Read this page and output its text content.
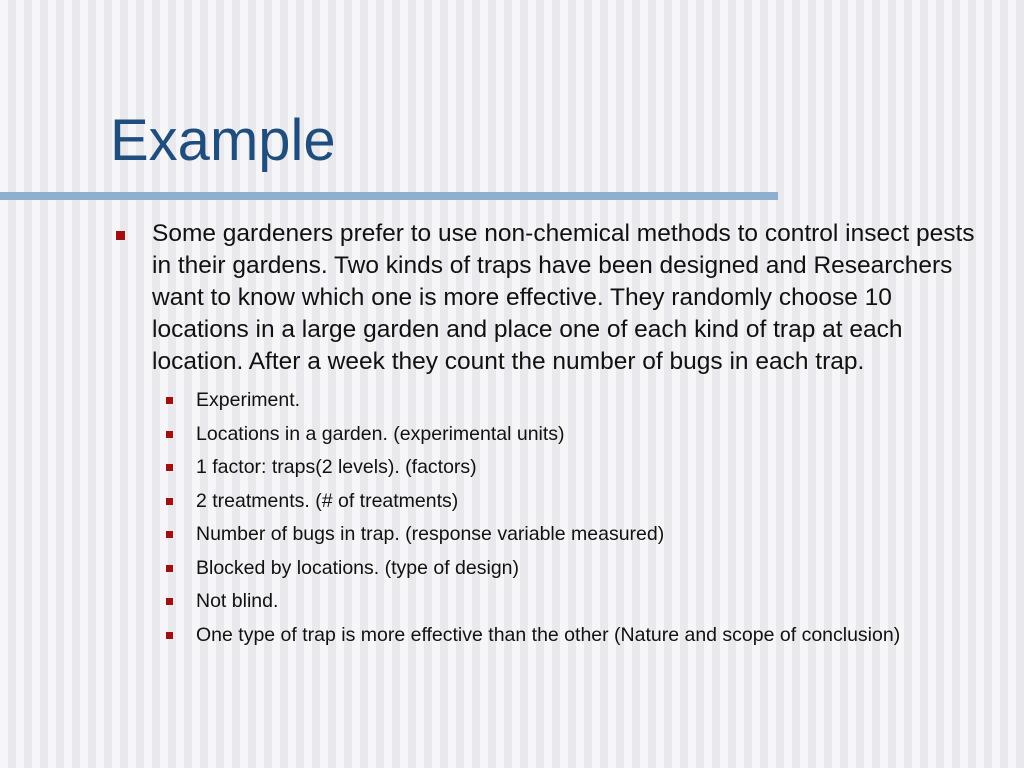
Example
Some gardeners prefer to use non-chemical methods to control insect pests in their gardens. Two kinds of traps have been designed and Researchers want to know which one is more effective. They randomly choose 10 locations in a large garden and place one of each kind of trap at each location. After a week they count the number of bugs in each trap.
Experiment.
Locations in a garden. (experimental units)
1 factor: traps(2 levels). (factors)
2 treatments. (# of treatments)
Number of bugs in trap. (response variable measured)
Blocked by locations. (type of design)
Not blind.
One type of trap is more effective than the other (Nature and scope of conclusion)
